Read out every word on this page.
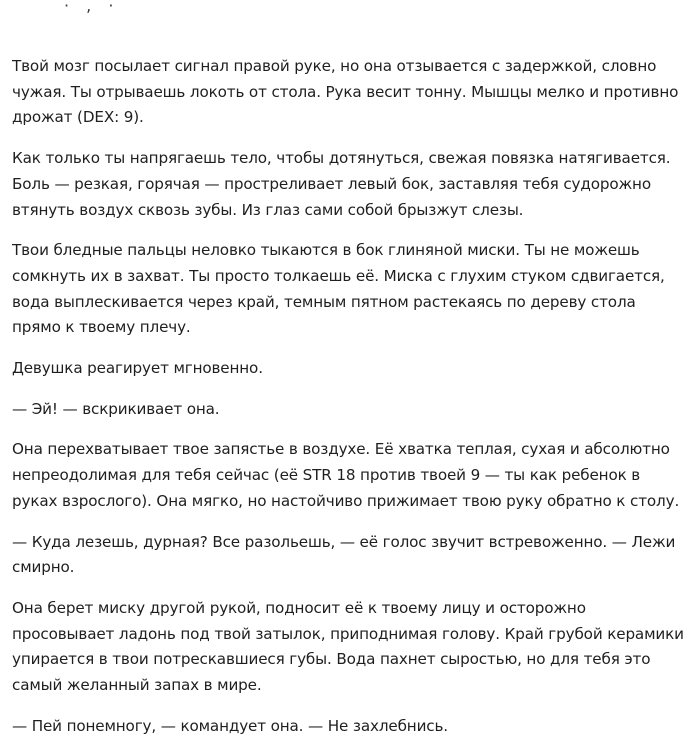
· , ·

Твой мозг посылает сигнал правой руке, но она отзывается с задержкой, словно чужая. Ты отрываешь локоть от стола. Рука весит тонну. Мышцы мелко и противно дрожат (DEX: 9).

Как только ты напрягаешь тело, чтобы дотянуться, свежая повязка натягивается. Боль — резкая, горячая — простреливает левый бок, заставляя тебя судорожно втянуть воздух сквозь зубы. Из глаз сами собой брызжут слезы.

Твои бледные пальцы неловко тыкаются в бок глиняной миски. Ты не можешь сомкнуть их в захват. Ты просто толкаешь её. Миска с глухим стуком сдвигается, вода выплескивается через край, темным пятном растекаясь по дереву стола прямо к твоему плечу.

Девушка реагирует мгновенно.

— Эй! — вскрикивает она.

Она перехватывает твое запястье в воздухе. Её хватка теплая, сухая и абсолютно непреодолимая для тебя сейчас (её STR 18 против твоей 9 — ты как ребенок в руках взрослого). Она мягко, но настойчиво прижимает твою руку обратно к столу.

— Куда лезешь, дурная? Все разольешь, — её голос звучит встревоженно. — Лежи смирно.

Она берет миску другой рукой, подносит её к твоему лицу и осторожно просовывает ладонь под твой затылок, приподнимая голову. Край грубой керамики упирается в твои потрескавшиеся губы. Вода пахнет сыростью, но для тебя это самый желанный запах в мире.

— Пей понемногу, — командует она. — Не захлебнись.
